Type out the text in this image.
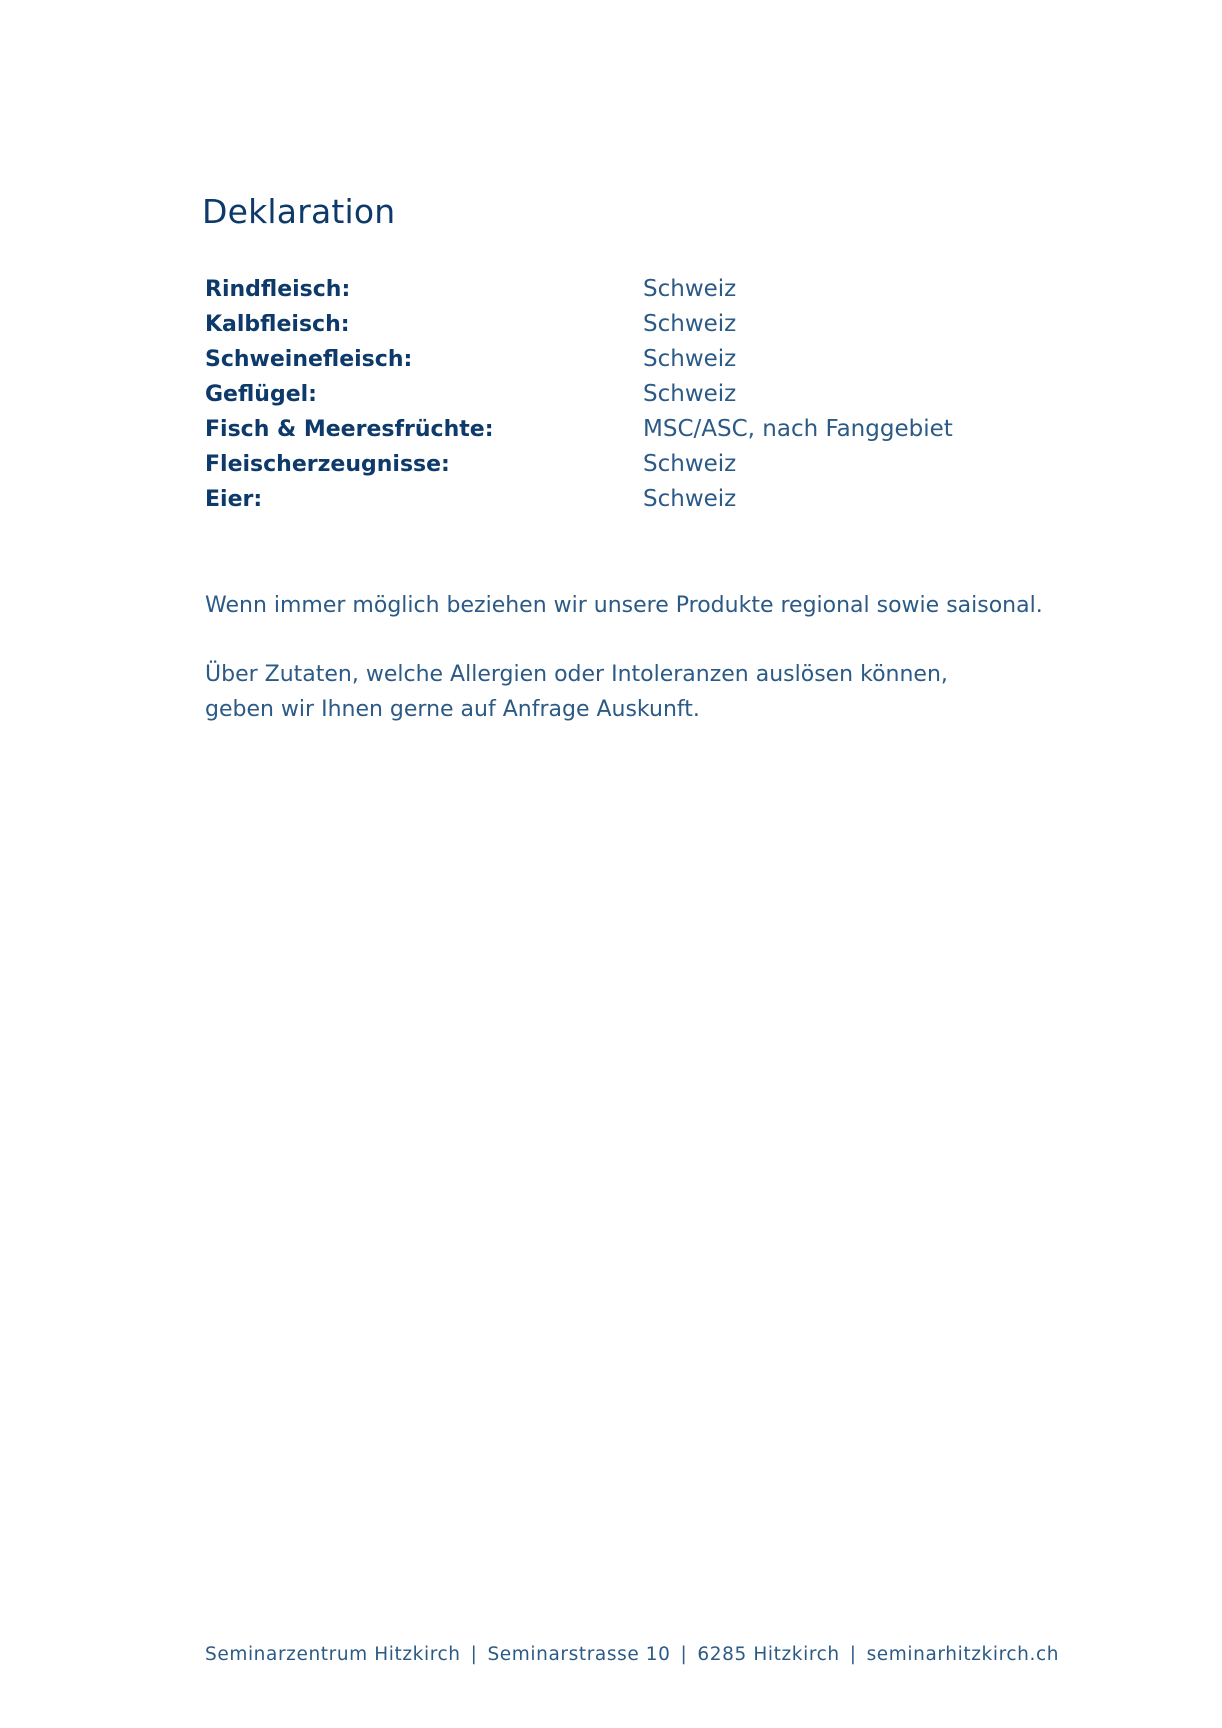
Deklaration
Rindfleisch:	Schweiz
Kalbfleisch:	Schweiz
Schweinefleisch:	Schweiz
Geflügel:	Schweiz
Fisch & Meeresfrüchte:	MSC/ASC, nach Fanggebiet
Fleischerzeugnisse:	Schweiz
Eier:	Schweiz

Wenn immer möglich beziehen wir unsere Produkte regional sowie saisonal.

Über Zutaten, welche Allergien oder Intoleranzen auslösen können,
geben wir Ihnen gerne auf Anfrage Auskunft.

Seminarzentrum Hitzkirch | Seminarstrasse 10 | 6285 Hitzkirch | seminarhitzkirch.ch
